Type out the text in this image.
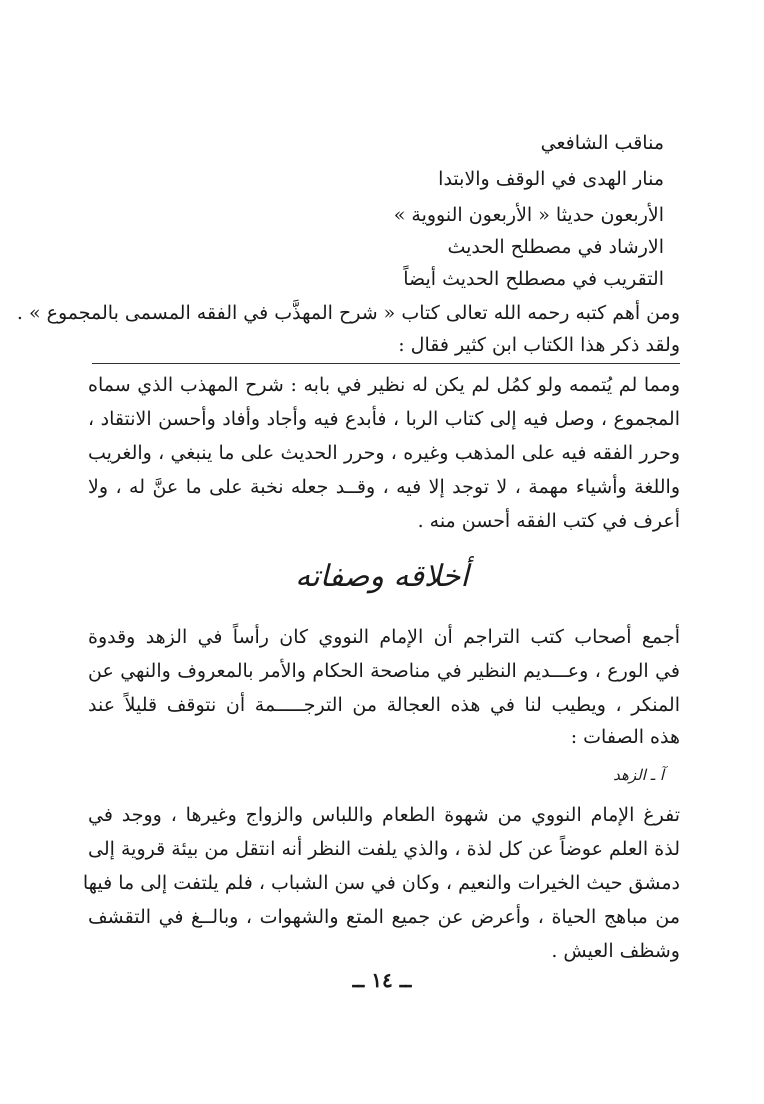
مناقب الشافعي
منار الهدى في الوقف والابتدا
الأربعون حديثا « الأربعون النووية »
الارشاد في مصطلح الحديث
التقريب في مصطلح الحديث أيضاً
ومن أهم كتبه رحمه الله تعالى كتاب « شرح المهذَّب في الفقه المسمى بالمجموع » .
ولقد ذكر هذا الكتاب ابن كثير فقال :
ومما لم يُتممه ولو كمُل لم يكن له نظير في بابه : شرح المهذب الذي سماه
المجموع ، وصل فيه إلى كتاب الربا ، فأبدع فيه وأجاد وأفاد وأحسن الانتقاد ،
وحرر الفقه فيه على المذهب وغيره ، وحرر الحديث على ما ينبغي ، والغريب
واللغة وأشياء مهمة ، لا توجد إلا فيه ، وقــد جعله نخبة على ما عنَّ له ، ولا
أعرف في كتب الفقه أحسن منه .
أخلاقه وصفاته
أجمع أصحاب كتب التراجم أن الإمام النووي كان رأساً في الزهد وقدوة
في الورع ، وعـــديم النظير في مناصحة الحكام والأمر بالمعروف والنهي عن
المنكر ، ويطيب لنا في هذه العجالة من الترجـــــمة أن نتوقف قليلاً عند
هذه الصفات :
آ ـ الزهد
تفرغ الإمام النووي من شهوة الطعام واللباس والزواج وغيرها ، ووجد في
لذة العلم عوضاً عن كل لذة ، والذي يلفت النظر أنه انتقل من بيئة قروية إلى
دمشق حيث الخيرات والنعيم ، وكان في سن الشباب ، فلم يلتفت إلى ما فيها
من مباهج الحياة ، وأعرض عن جميع المتع والشهوات ، وبالــغ في التقشف
وشظف العيش .
ــ ١٤ ــ
